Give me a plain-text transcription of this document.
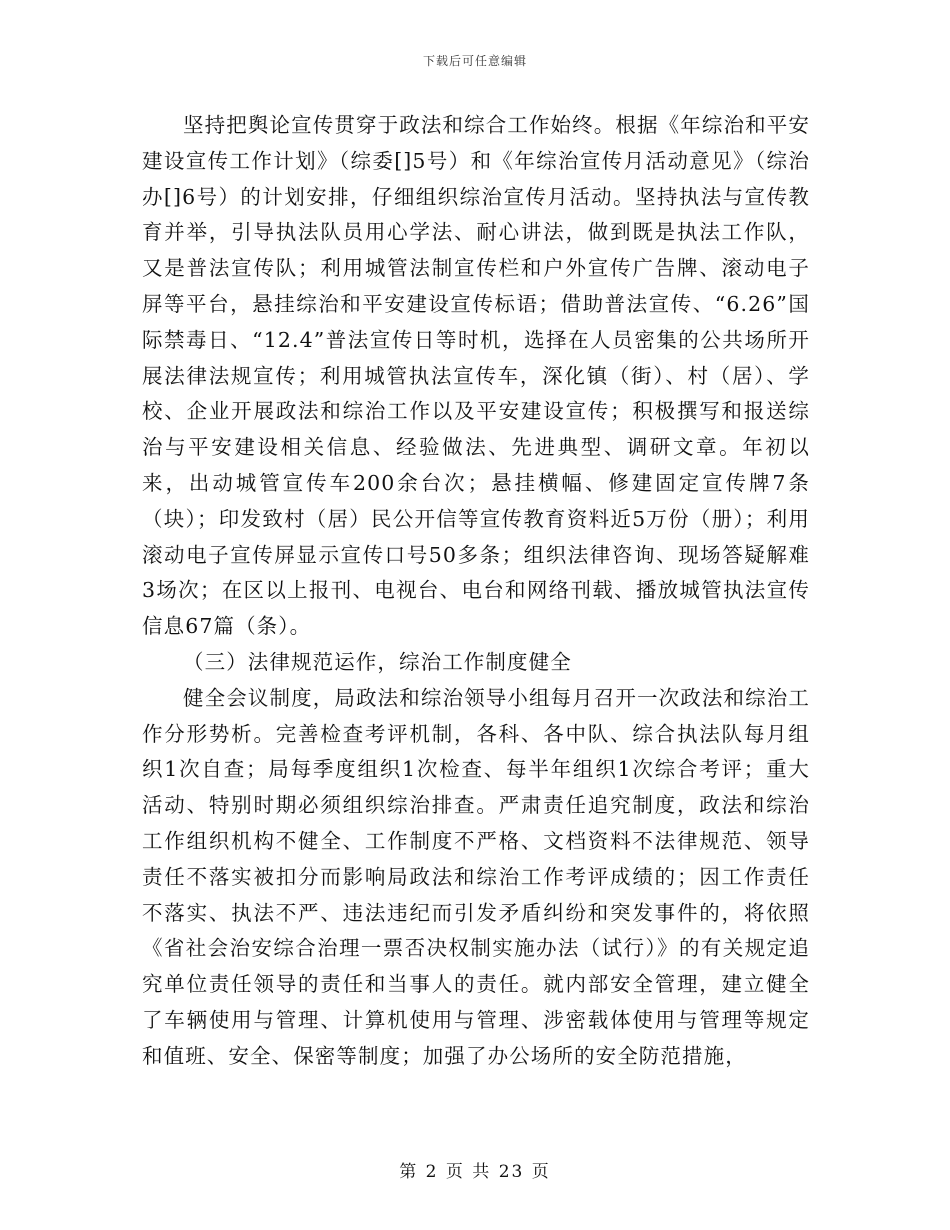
下载后可任意编辑

坚持把舆论宣传贯穿于政法和综合工作始终。根据《年综治和平安建设宣传工作计划》（综委[]5号）和《年综治宣传月活动意见》（综治办[]6号）的计划安排，仔细组织综治宣传月活动。坚持执法与宣传教育并举，引导执法队员用心学法、耐心讲法，做到既是执法工作队，又是普法宣传队；利用城管法制宣传栏和户外宣传广告牌、滚动电子屏等平台，悬挂综治和平安建设宣传标语；借助普法宣传、“6.26”国际禁毒日、“12.4”普法宣传日等时机，选择在人员密集的公共场所开展法律法规宣传；利用城管执法宣传车，深化镇（街）、村（居）、学校、企业开展政法和综治工作以及平安建设宣传；积极撰写和报送综治与平安建设相关信息、经验做法、先进典型、调研文章。年初以来，出动城管宣传车200余台次；悬挂横幅、修建固定宣传牌7条（块）；印发致村（居）民公开信等宣传教育资料近5万份（册）；利用滚动电子宣传屏显示宣传口号50多条；组织法律咨询、现场答疑解难3场次；在区以上报刊、电视台、电台和网络刊载、播放城管执法宣传信息67篇（条）。

（三）法律规范运作，综治工作制度健全

健全会议制度，局政法和综治领导小组每月召开一次政法和综治工作分形势析。完善检查考评机制，各科、各中队、综合执法队每月组织1次自查；局每季度组织1次检查、每半年组织1次综合考评；重大活动、特别时期必须组织综治排查。严肃责任追究制度，政法和综治工作组织机构不健全、工作制度不严格、文档资料不法律规范、领导责任不落实被扣分而影响局政法和综治工作考评成绩的；因工作责任不落实、执法不严、违法违纪而引发矛盾纠纷和突发事件的，将依照《省社会治安综合治理一票否决权制实施办法（试行）》的有关规定追究单位责任领导的责任和当事人的责任。就内部安全管理，建立健全了车辆使用与管理、计算机使用与管理、涉密载体使用与管理等规定和值班、安全、保密等制度；加强了办公场所的安全防范措施，

第 2 页 共 23 页
